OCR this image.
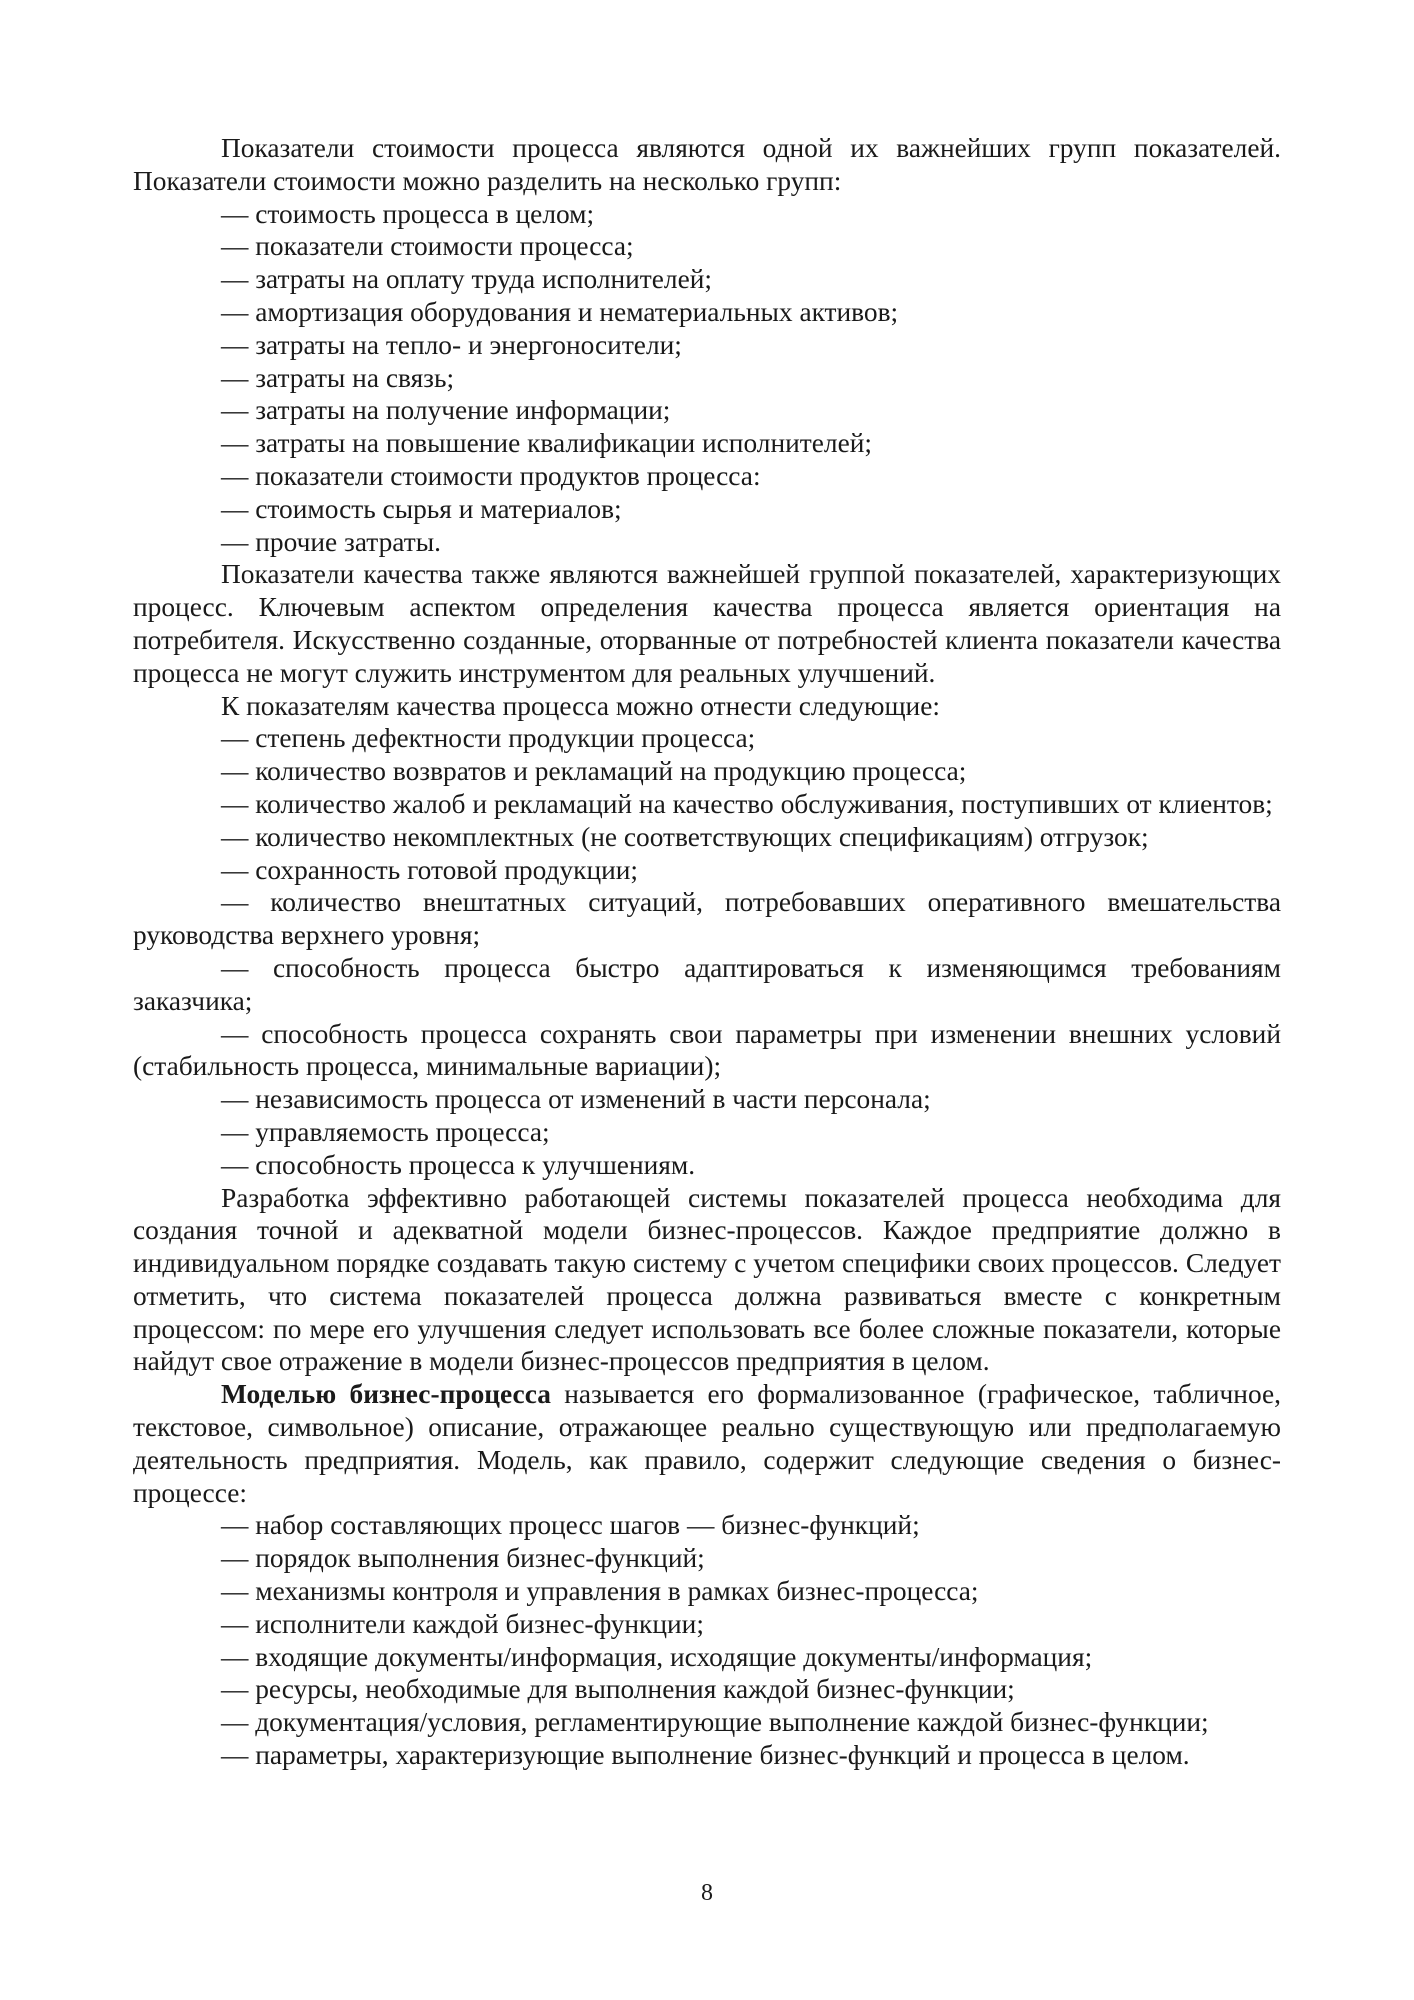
Показатели стоимости процесса являются одной их важнейших групп показателей. Показатели стоимости можно разделить на несколько групп:

— стоимость процесса в целом;

— показатели стоимости процесса;

— затраты на оплату труда исполнителей;

— амортизация оборудования и нематериальных активов;

— затраты на тепло- и энергоносители;

— затраты на связь;

— затраты на получение информации;

— затраты на повышение квалификации исполнителей;

— показатели стоимости продуктов процесса:

— стоимость сырья и материалов;

— прочие затраты.

Показатели качества также являются важнейшей группой показателей, характеризующих процесс. Ключевым аспектом определения качества процесса является ориентация на потребителя. Искусственно созданные, оторванные от потребностей клиента показатели качества процесса не могут служить инструментом для реальных улучшений.

К показателям качества процесса можно отнести следующие:

— степень дефектности продукции процесса;

— количество возвратов и рекламаций на продукцию процесса;

— количество жалоб и рекламаций на качество обслуживания, поступивших от клиентов;

— количество некомплектных (не соответствующих спецификациям) отгрузок;

— сохранность готовой продукции;

— количество внештатных ситуаций, потребовавших оперативного вмешательства руководства верхнего уровня;

— способность процесса быстро адаптироваться к изменяющимся требованиям заказчика;

— способность процесса сохранять свои параметры при изменении внешних условий (стабильность процесса, минимальные вариации);

— независимость процесса от изменений в части персонала;

— управляемость процесса;

— способность процесса к улучшениям.

Разработка эффективно работающей системы показателей процесса необходима для создания точной и адекватной модели бизнес-процессов. Каждое предприятие должно в индивидуальном порядке создавать такую систему с учетом специфики своих процессов. Следует отметить, что система показателей процесса должна развиваться вместе с конкретным процессом: по мере его улучшения следует использовать все более сложные показатели, которые найдут свое отражение в модели бизнес-процессов предприятия в целом.

Моделью бизнес-процесса называется его формализованное (графическое, табличное, текстовое, символьное) описание, отражающее реально существующую или предполагаемую деятельность предприятия. Модель, как правило, содержит следующие сведения о бизнес-процессе:

— набор составляющих процесс шагов — бизнес-функций;

— порядок выполнения бизнес-функций;

— механизмы контроля и управления в рамках бизнес-процесса;

— исполнители каждой бизнес-функции;

— входящие документы/информация, исходящие документы/информация;

— ресурсы, необходимые для выполнения каждой бизнес-функции;

— документация/условия, регламентирующие выполнение каждой бизнес-функции;

— параметры, характеризующие выполнение бизнес-функций и процесса в целом.

8
